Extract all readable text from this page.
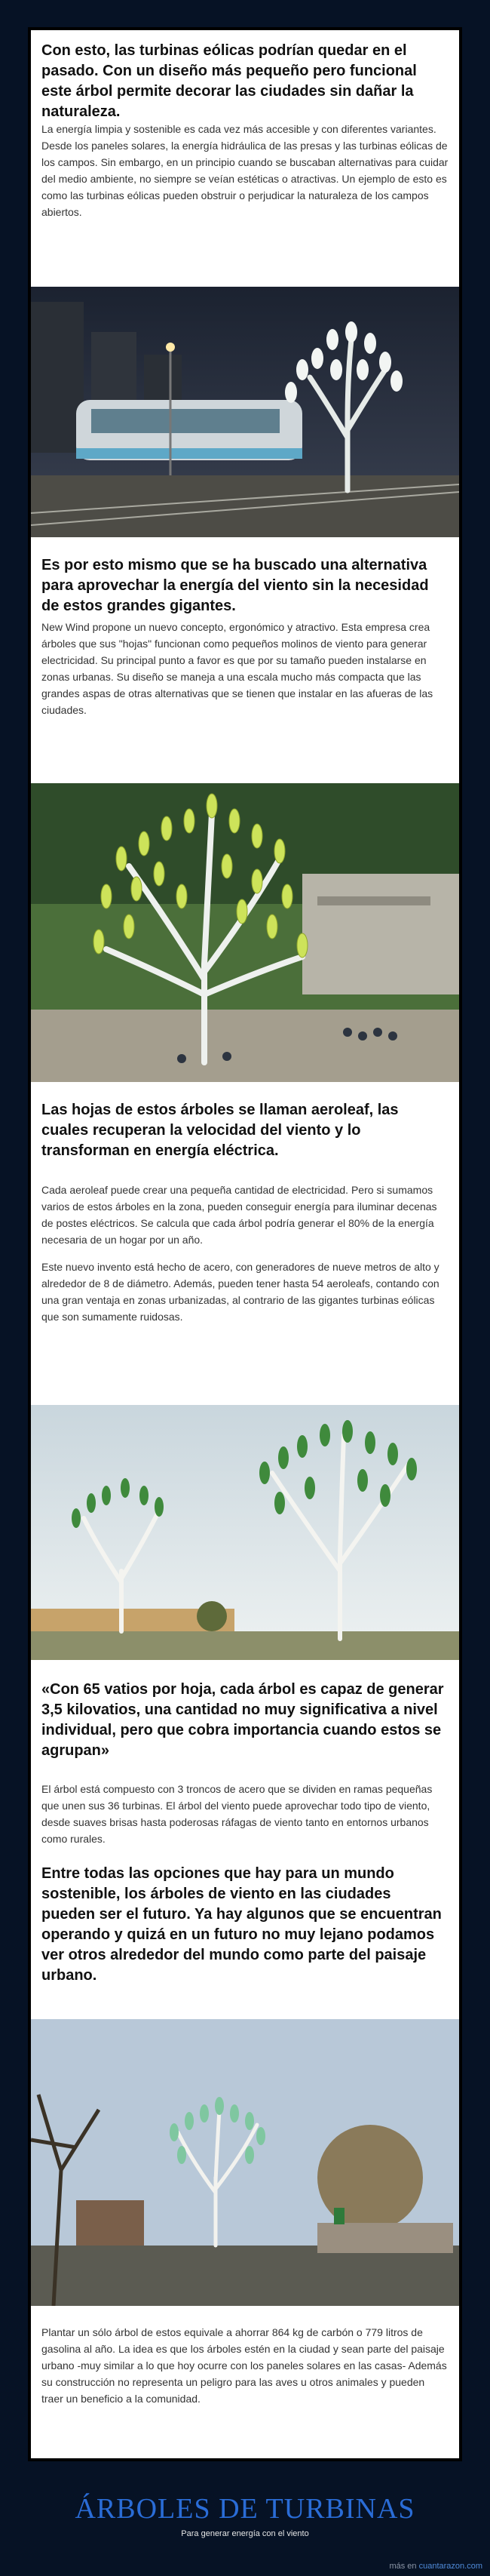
Con esto, las turbinas eólicas podrían quedar en el pasado. Con un diseño más pequeño pero funcional este árbol permite decorar las ciudades sin dañar la naturaleza.

La energía limpia y sostenible es cada vez más accesible y con diferentes variantes. Desde los paneles solares, la energía hidráulica de las presas y las turbinas eólicas de los campos. Sin embargo, en un principio cuando se buscaban alternativas para cuidar del medio ambiente, no siempre se veían estéticas o atractivas. Un ejemplo de esto es como las turbinas eólicas pueden obstruir o perjudicar la naturaleza de los campos abiertos.

Es por esto mismo que se ha buscado una alternativa para aprovechar la energía del viento sin la necesidad de estos grandes gigantes.

New Wind propone un nuevo concepto, ergonómico y atractivo. Esta empresa crea árboles que sus "hojas" funcionan como pequeños molinos de viento para generar electricidad. Su principal punto a favor es que por su tamaño pueden instalarse en zonas urbanas. Su diseño se maneja a una escala mucho más compacta que las grandes aspas de otras alternativas que se tienen que instalar en las afueras de las ciudades.

Las hojas de estos árboles se llaman aeroleaf, las cuales recuperan la velocidad del viento y lo transforman en energía eléctrica.

Cada aeroleaf puede crear una pequeña cantidad de electricidad. Pero si sumamos varios de estos árboles en la zona, pueden conseguir energía para iluminar decenas de postes eléctricos. Se calcula que cada árbol podría generar el 80% de la energía necesaria de un hogar por un año.

Este nuevo invento está hecho de acero, con generadores de nueve metros de alto y alrededor de 8 de diámetro. Además, pueden tener hasta 54 aeroleafs, contando con una gran ventaja en zonas urbanizadas, al contrario de las gigantes turbinas eólicas que son sumamente ruidosas.

«Con 65 vatios por hoja, cada árbol es capaz de generar 3,5 kilovatios, una cantidad no muy significativa a nivel individual, pero que cobra importancia cuando estos se agrupan»

El árbol está compuesto con 3 troncos de acero que se dividen en ramas pequeñas que unen sus 36 turbinas. El árbol del viento puede aprovechar todo tipo de viento, desde suaves brisas hasta poderosas ráfagas de viento tanto en entornos urbanos como rurales.

Entre todas las opciones que hay para un mundo sostenible, los árboles de viento en las ciudades pueden ser el futuro. Ya hay algunos que se encuentran operando y quizá en un futuro no muy lejano podamos ver otros alrededor del mundo como parte del paisaje urbano.

Plantar un sólo árbol de estos equivale a ahorrar 864 kg de carbón o 779 litros de gasolina al año. La idea es que los árboles estén en la ciudad y sean parte del paisaje urbano -muy similar a lo que hoy ocurre con los paneles solares en las casas- Además su construcción no representa un peligro para las aves u otros animales y pueden traer un beneficio a la comunidad.

ÁRBOLES DE TURBINAS
Para generar energía con el viento
más en cuantarazon.com
